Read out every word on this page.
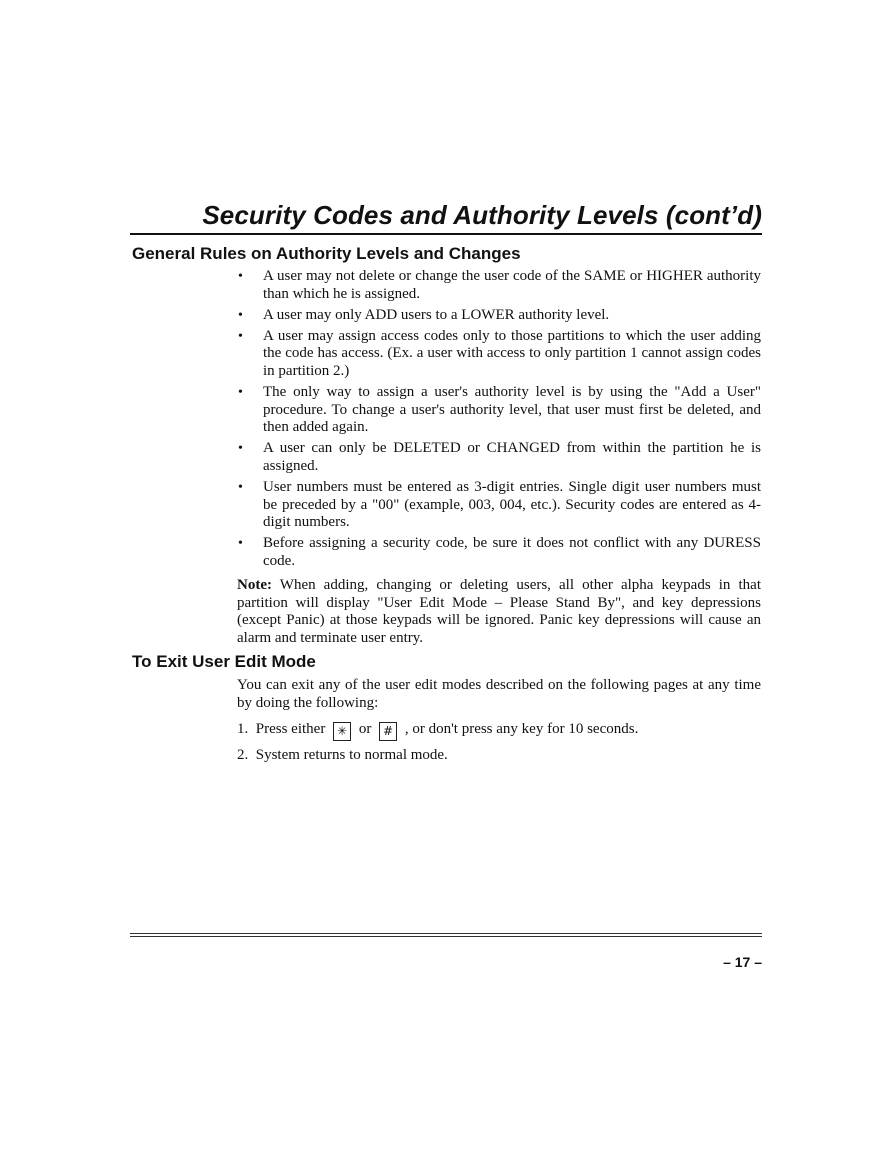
Security Codes and Authority Levels (cont’d)
General Rules on Authority Levels and Changes
• A user may not delete or change the user code of the SAME or HIGHER authority than which he is assigned.
• A user may only ADD users to a LOWER authority level.
• A user may assign access codes only to those partitions to which the user adding the code has access. (Ex. a user with access to only partition 1 cannot assign codes in partition 2.)
• The only way to assign a user's authority level is by using the "Add a User" procedure. To change a user's authority level, that user must first be deleted, and then added again.
• A user can only be DELETED or CHANGED from within the partition he is assigned.
• User numbers must be entered as 3-digit entries. Single digit user numbers must be preceded by a "00" (example, 003, 004, etc.). Security codes are entered as 4-digit numbers.
• Before assigning a security code, be sure it does not conflict with any DURESS code.

Note: When adding, changing or deleting users, all other alpha keypads in that partition will display "User Edit Mode – Please Stand By", and key depressions (except Panic) at those keypads will be ignored. Panic key depressions will cause an alarm and terminate user entry.

To Exit User Edit Mode

You can exit any of the user edit modes described on the following pages at any time by doing the following:

1. Press either ✳ or # , or don't press any key for 10 seconds.

2. System returns to normal mode.

– 17 –
